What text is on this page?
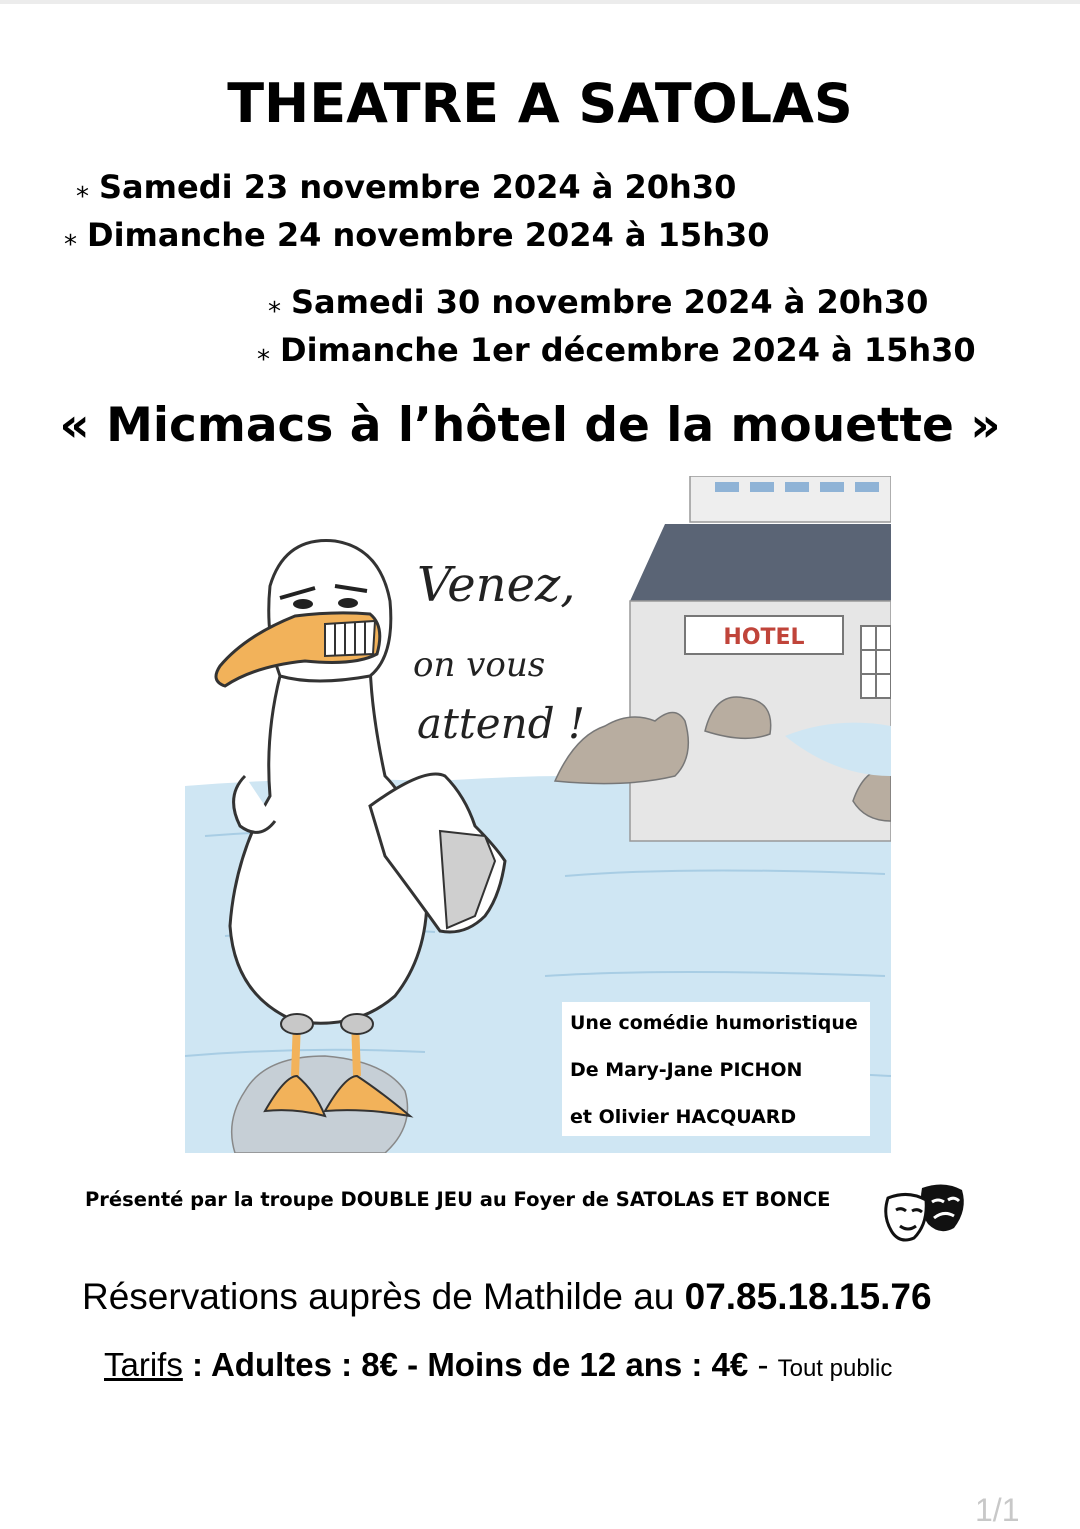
THEATRE A SATOLAS
⁎ Samedi 23 novembre 2024 à 20h30
⁎ Dimanche 24 novembre 2024 à 15h30
⁎ Samedi 30 novembre 2024 à 20h30
⁎ Dimanche 1er décembre 2024 à 15h30
« Micmacs à l’hôtel de la mouette »
HOTEL
Venez,
on vous
attend !
Une comédie humoristique
De Mary-Jane PICHON
et Olivier HACQUARD
Présenté par la troupe DOUBLE JEU au Foyer de SATOLAS ET BONCE
Réservations auprès de Mathilde au 07.85.18.15.76
Tarifs : Adultes : 8€ - Moins de 12 ans : 4€ - Tout public
1/1
